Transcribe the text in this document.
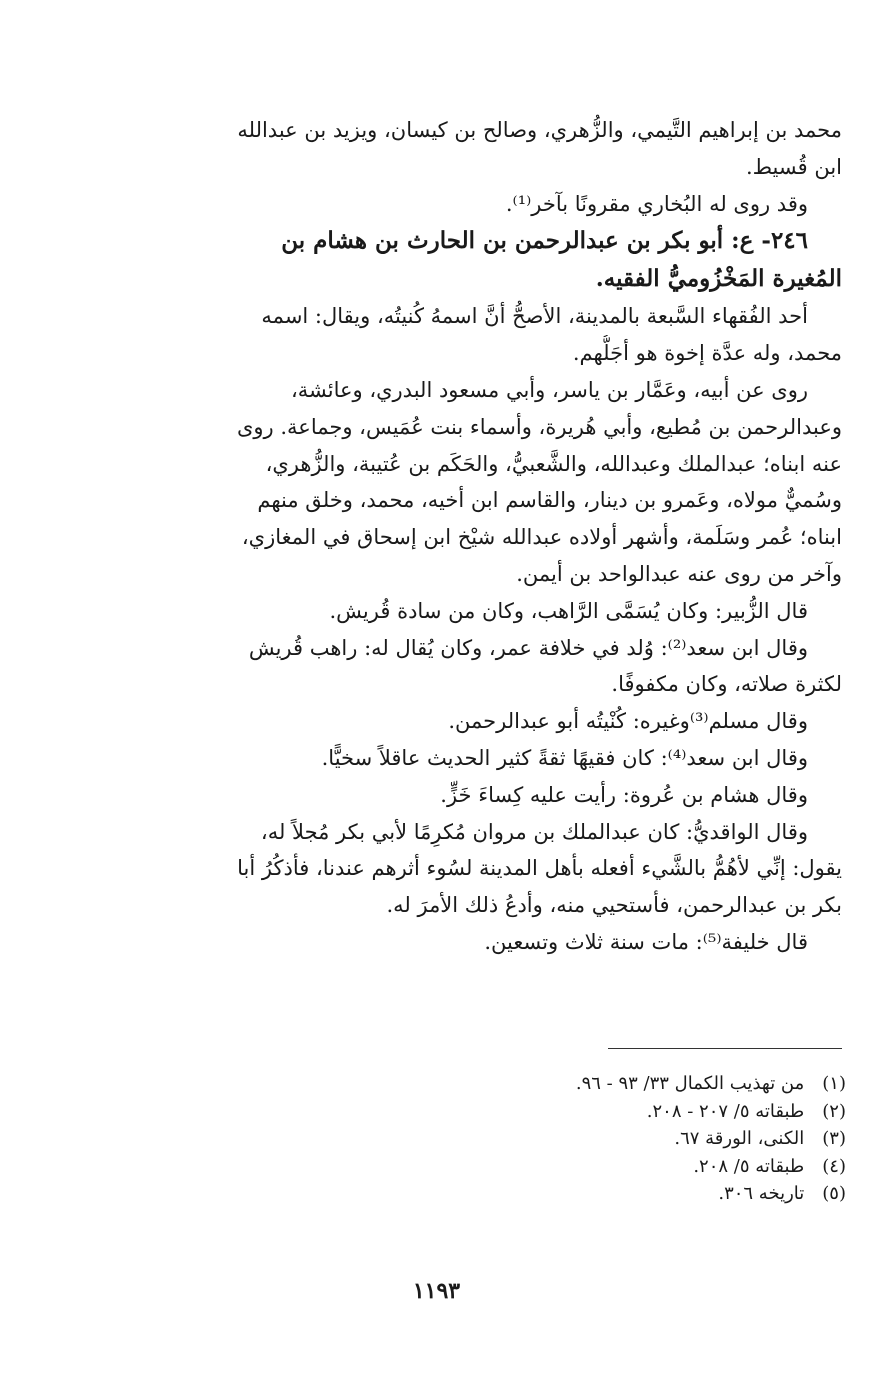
محمد بن إبراهيم التَّيمي، والزُّهري، وصالح بن كيسان، ويزيد بن عبدالله
ابن قُسيط.
وقد روى له البُخاري مقرونًا بآخر⁽¹⁾.
٢٤٦- ع: أبو بكر بن عبدالرحمن بن الحارث بن هشام بن
المُغيرة المَخْزُوميُّ الفقيه.
أحد الفُقهاء السَّبعة بالمدينة، الأصحُّ أنَّ اسمهُ كُنيتُه، ويقال: اسمه
محمد، وله عدَّة إخوة هو أجَلُّهم.
روى عن أبيه، وعَمَّار بن ياسر، وأبي مسعود البدري، وعائشة،
وعبدالرحمن بن مُطيع، وأبي هُريرة، وأسماء بنت عُمَيس، وجماعة. روى
عنه ابناه؛ عبدالملك وعبدالله، والشَّعبيُّ، والحَكَم بن عُتيبة، والزُّهري،
وسُميٌّ مولاه، وعَمرو بن دينار، والقاسم ابن أخيه، محمد، وخلق منهم
ابناه؛ عُمر وسَلَمة، وأشهر أولاده عبدالله شيْخ ابن إسحاق في المغازي،
وآخر من روى عنه عبدالواحد بن أيمن.
قال الزُّبير: وكان يُسَمَّى الرَّاهب، وكان من سادة قُريش.
وقال ابن سعد⁽²⁾: وُلد في خلافة عمر، وكان يُقال له: راهب قُريش
لكثرة صلاته، وكان مكفوفًا.
وقال مسلم⁽³⁾وغيره: كُنْيتُه أبو عبدالرحمن.
وقال ابن سعد⁽⁴⁾: كان فقيهًا ثقةً كثير الحديث عاقلاً سخيًّا.
وقال هشام بن عُروة: رأيت عليه كِساءَ خَزٍّ.
وقال الواقديُّ: كان عبدالملك بن مروان مُكرِمًا لأبي بكر مُجلاً له،
يقول: إنِّي لأهُمُّ بالشَّيء أفعله بأهل المدينة لسُوء أثرهم عندنا، فأذكُرُ أبا
بكر بن عبدالرحمن، فأستحيي منه، وأدعُ ذلك الأمرَ له.
قال خليفة⁽⁵⁾: مات سنة ثلاث وتسعين.
(١) من تهذيب الكمال ٣٣/ ٩٣ - ٩٦.
(٢) طبقاته ٥/ ٢٠٧ - ٢٠٨.
(٣) الكنى، الورقة ٦٧.
(٤) طبقاته ٥/ ٢٠٨.
(٥) تاريخه ٣٠٦.
١١٩٣
